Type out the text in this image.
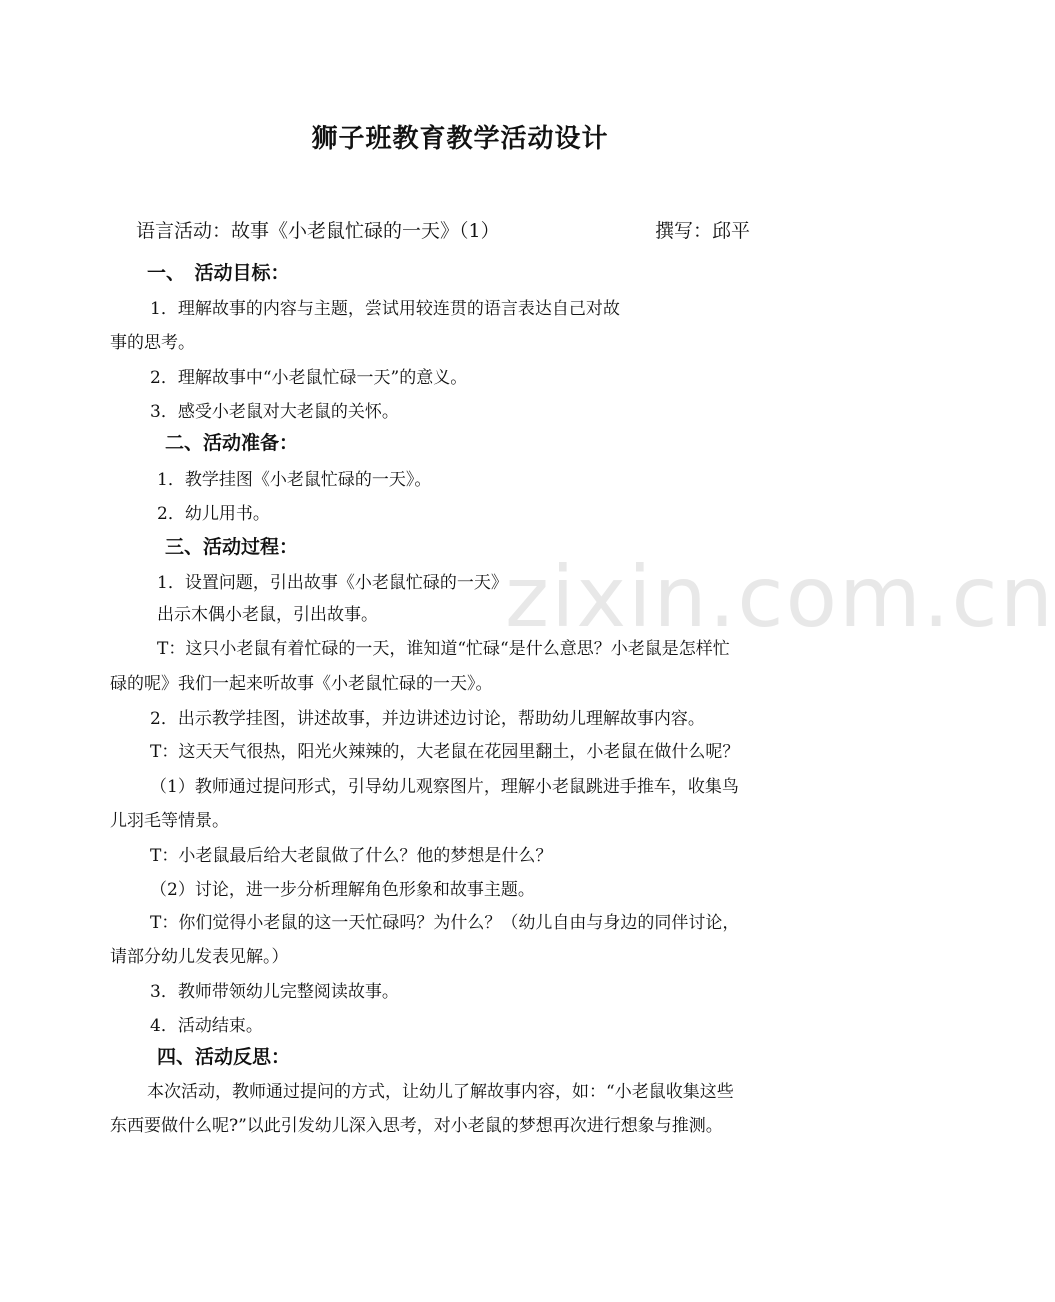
zixin.com.cn
狮子班教育教学活动设计
语言活动：故事《小老鼠忙碌的一天》（1）	撰写：邱平
一、　活动目标：
1．理解故事的内容与主题，尝试用较连贯的语言表达自己对故
事的思考。
2．理解故事中“小老鼠忙碌一天”的意义。
3．感受小老鼠对大老鼠的关怀。
二、活动准备：
1．教学挂图《小老鼠忙碌的一天》。
2．幼儿用书。
三、活动过程：
1．设置问题，引出故事《小老鼠忙碌的一天》
出示木偶小老鼠，引出故事。
T：这只小老鼠有着忙碌的一天，谁知道“忙碌“是什么意思？小老鼠是怎样忙
碌的呢》我们一起来听故事《小老鼠忙碌的一天》。
2．出示教学挂图，讲述故事，并边讲述边讨论，帮助幼儿理解故事内容。
T：这天天气很热，阳光火辣辣的，大老鼠在花园里翻土，小老鼠在做什么呢？
（1）教师通过提问形式，引导幼儿观察图片，理解小老鼠跳进手推车，收集鸟
儿羽毛等情景。
T：小老鼠最后给大老鼠做了什么？他的梦想是什么？
（2）讨论，进一步分析理解角色形象和故事主题。
T：你们觉得小老鼠的这一天忙碌吗？为什么？（幼儿自由与身边的同伴讨论，
请部分幼儿发表见解。）
3．教师带领幼儿完整阅读故事。
4．活动结束。
四、活动反思：
本次活动，教师通过提问的方式，让幼儿了解故事内容，如：“小老鼠收集这些
东西要做什么呢?”以此引发幼儿深入思考，对小老鼠的梦想再次进行想象与推测。
